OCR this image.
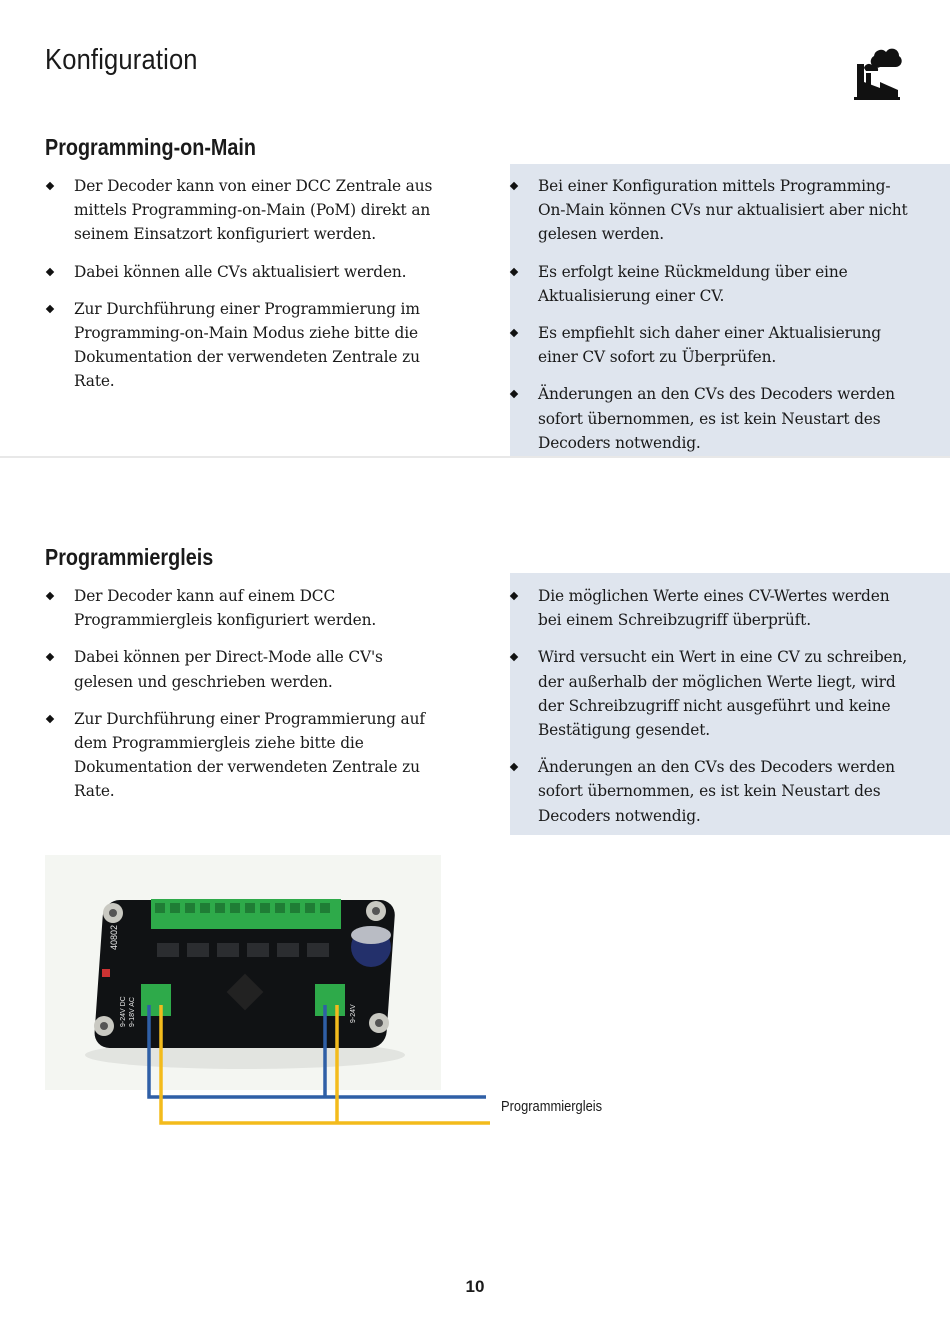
Konfiguration
Programming-on-Main
Der Decoder kann von einer DCC Zentrale aus mittels Programming-on-Main (PoM) direkt an seinem Einsatzort konfiguriert werden.
Dabei können alle CVs aktualisiert werden.
Zur Durchführung einer Programmierung im Programming-on-Main Modus ziehe bitte die Dokumentation der verwendeten Zentrale zu Rate.
Bei einer Konfiguration mittels Programming-On-Main können CVs nur aktualisiert aber nicht gelesen werden.
Es erfolgt keine Rückmeldung über eine Aktualisierung einer CV.
Es empfiehlt sich daher einer Aktualisierung einer CV sofort zu Überprüfen.
Änderungen an den CVs des Decoders werden sofort übernommen, es ist kein Neustart des Decoders notwendig.
Programmiergleis
Der Decoder kann auf einem DCC Programmiergleis konfiguriert werden.
Dabei können per Direct-Mode alle CV's gelesen und geschrieben werden.
Zur Durchführung einer Programmierung auf dem Programmiergleis ziehe bitte die Dokumentation der verwendeten Zentrale zu Rate.
Die möglichen Werte eines CV-Wertes werden bei einem Schreibzugriff überprüft.
Wird versucht ein Wert in eine CV zu schreiben, der außerhalb der möglichen Werte liegt, wird der Schreibzugriff nicht ausgeführt und keine Bestätigung gesendet.
Änderungen an den CVs des Decoders werden sofort übernommen, es ist kein Neustart des Decoders notwendig.
40802
9-24V DC 9-18V AC	9-24V
Programmiergleis
10
